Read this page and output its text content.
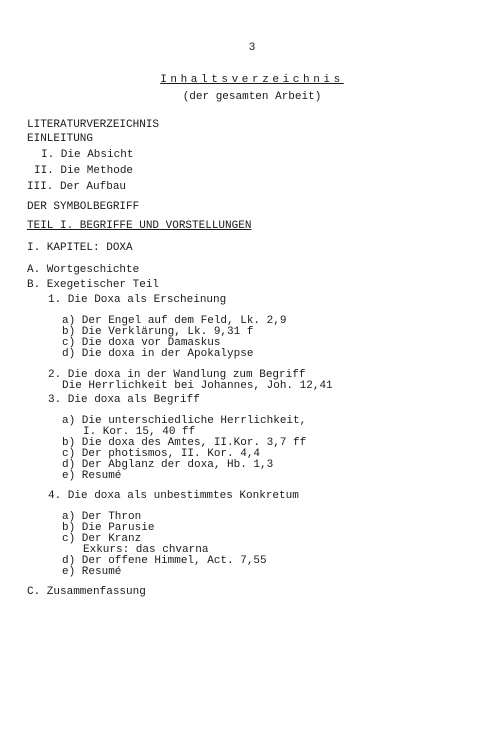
3
Inhaltsverzeichnis
(der gesamten Arbeit)
LITERATURVERZEICHNIS
EINLEITUNG
I. Die Absicht
II. Die Methode
III. Der Aufbau
DER SYMBOLBEGRIFF
TEIL I. BEGRIFFE UND VORSTELLUNGEN
I. KAPITEL: DOXA
A. Wortgeschichte
B. Exegetischer Teil
1. Die Doxa als Erscheinung
a) Der Engel auf dem Feld, Lk. 2,9
b) Die Verklärung, Lk. 9,31 f
c) Die doxa vor Damaskus
d) Die doxa in der Apokalypse
2. Die doxa in der Wandlung zum Begriff
Die Herrlichkeit bei Johannes, Joh. 12,41
3. Die doxa als Begriff
a) Die unterschiedliche Herrlichkeit,
I. Kor. 15, 40 ff
b) Die doxa des Amtes, II.Kor. 3,7 ff
c) Der photismos, II. Kor. 4,4
d) Der Abglanz der doxa, Hb. 1,3
e) Resumé
4. Die doxa als unbestimmtes Konkretum
a) Der Thron
b) Die Parusie
c) Der Kranz
Exkurs: das chvarna
d) Der offene Himmel, Act. 7,55
e) Resumé
C. Zusammenfassung
